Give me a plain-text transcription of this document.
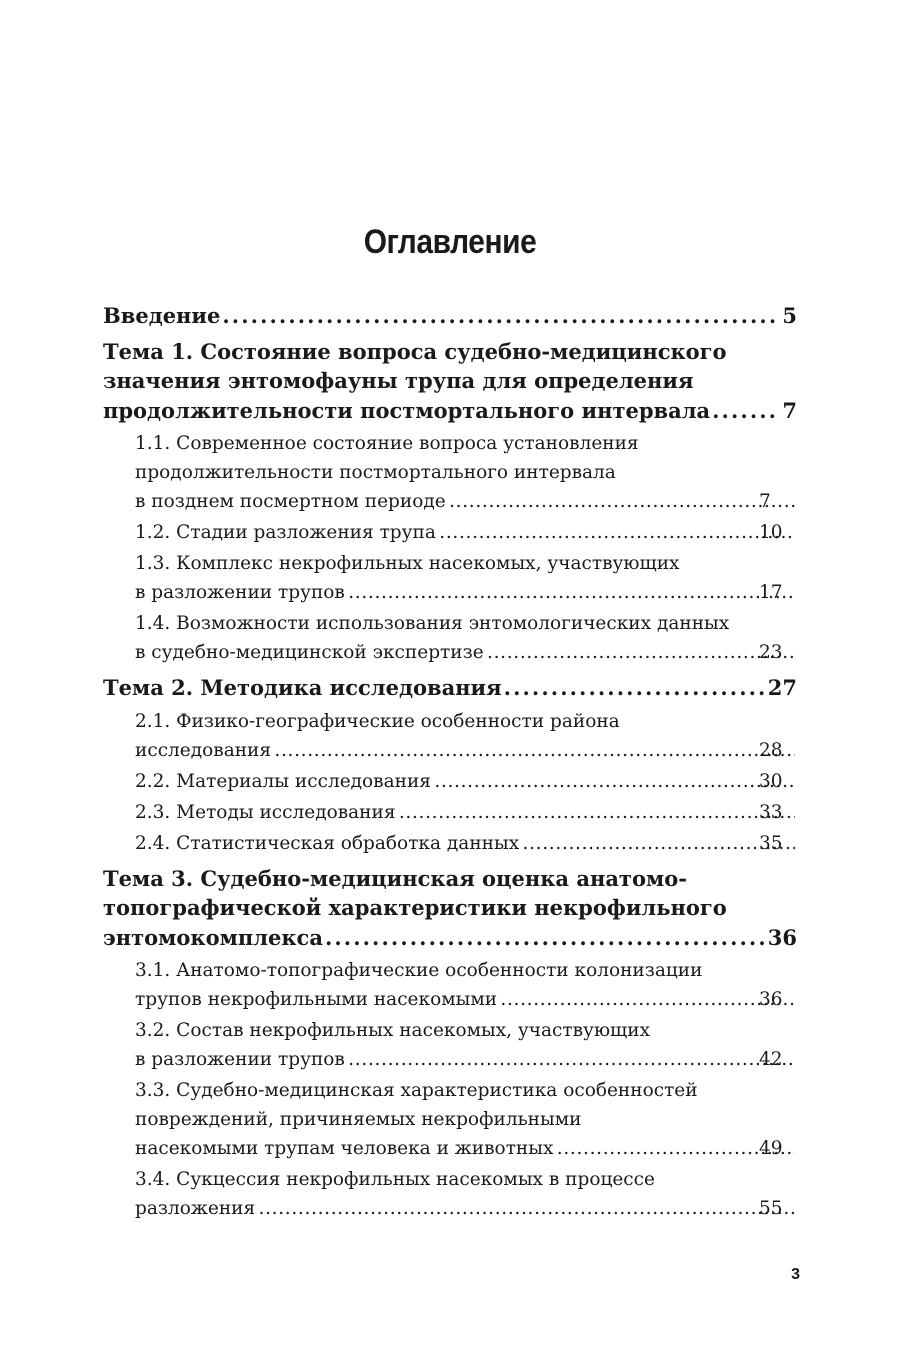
Оглавление
Введение . . .	5
Тема 1. Состояние вопроса судебно-медицинского
значения энтомофауны трупа для определения
продолжительности постмортального интервала . . .	7
1.1. Современное состояние вопроса установления
продолжительности постмортального интервала
в позднем посмертном периоде . . .	7
1.2. Стадии разложения трупа . . .	10
1.3. Комплекс некрофильных насекомых, участвующих
в разложении трупов . . .	17
1.4. Возможности использования энтомологических данных
в судебно-медицинской экспертизе . . .	23
Тема 2. Методика исследования . . .	27
2.1. Физико-географические особенности района
исследования . . .	28
2.2. Материалы исследования . . .	30
2.3. Методы исследования . . .	33
2.4. Статистическая обработка данных . . .	35
Тема 3. Судебно-медицинская оценка анатомо-
топографической характеристики некрофильного
энтомокомплекса . . .	36
3.1. Анатомо-топографические особенности колонизации
трупов некрофильными насекомыми . . .	36
3.2. Состав некрофильных насекомых, участвующих
в разложении трупов . . .	42
3.3. Судебно-медицинская характеристика особенностей
повреждений, причиняемых некрофильными
насекомыми трупам человека и животных . . .	49
3.4. Сукцессия некрофильных насекомых в процессе
разложения . . .	55
3
